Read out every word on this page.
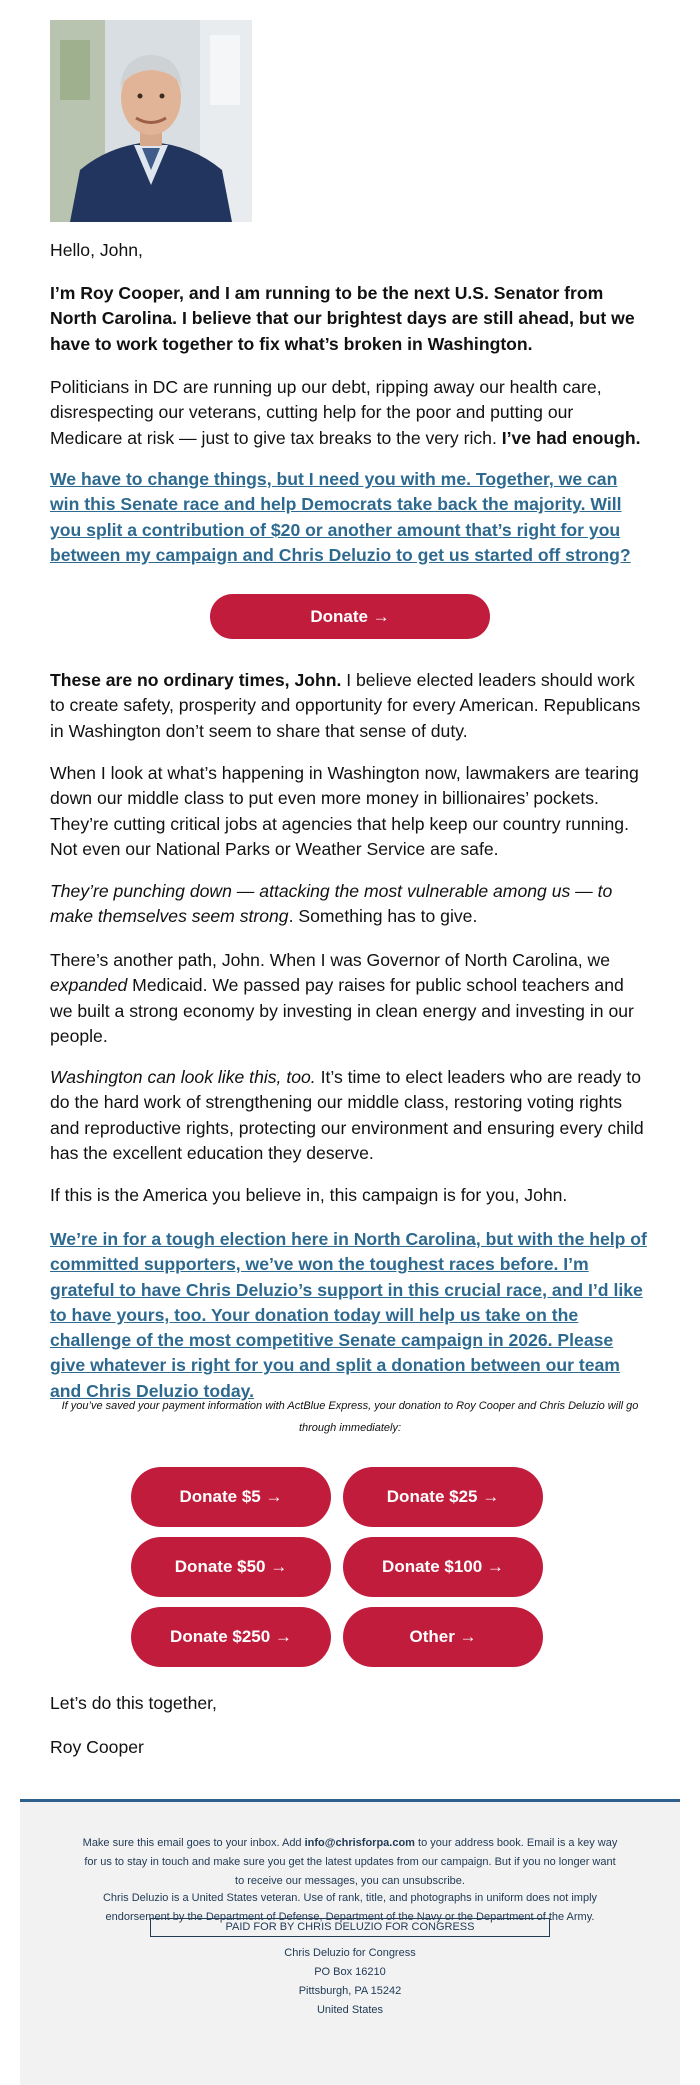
Hello, John,
I’m Roy Cooper, and I am running to be the next U.S. Senator from North Carolina. I believe that our brightest days are still ahead, but we have to work together to fix what’s broken in Washington.
Politicians in DC are running up our debt, ripping away our health care, disrespecting our veterans, cutting help for the poor and putting our Medicare at risk — just to give tax breaks to the very rich. I’ve had enough.
We have to change things, but I need you with me. Together, we can win this Senate race and help Democrats take back the majority. Will you split a contribution of $20 or another amount that’s right for you between my campaign and Chris Deluzio to get us started off strong?
Donate →
These are no ordinary times, John. I believe elected leaders should work to create safety, prosperity and opportunity for every American. Republicans in Washington don’t seem to share that sense of duty.
When I look at what’s happening in Washington now, lawmakers are tearing down our middle class to put even more money in billionaires’ pockets. They’re cutting critical jobs at agencies that help keep our country running. Not even our National Parks or Weather Service are safe.
They’re punching down — attacking the most vulnerable among us — to make themselves seem strong. Something has to give.
There’s another path, John. When I was Governor of North Carolina, we expanded Medicaid. We passed pay raises for public school teachers and we built a strong economy by investing in clean energy and investing in our people.
Washington can look like this, too. It’s time to elect leaders who are ready to do the hard work of strengthening our middle class, restoring voting rights and reproductive rights, protecting our environment and ensuring every child has the excellent education they deserve.
If this is the America you believe in, this campaign is for you, John.
We’re in for a tough election here in North Carolina, but with the help of committed supporters, we’ve won the toughest races before. I’m grateful to have Chris Deluzio’s support in this crucial race, and I’d like to have yours, too. Your donation today will help us take on the challenge of the most competitive Senate campaign in 2026. Please give whatever is right for you and split a donation between our team and Chris Deluzio today.
If you’ve saved your payment information with ActBlue Express, your donation to Roy Cooper and Chris Deluzio will go through immediately:
Donate $5 →	Donate $25 →
Donate $50 →	Donate $100 →
Donate $250 →	Other →
Let’s do this together,
Roy Cooper
Make sure this email goes to your inbox. Add info@chrisforpa.com to your address book. Email is a key way for us to stay in touch and make sure you get the latest updates from our campaign. But if you no longer want to receive our messages, you can unsubscribe.
Chris Deluzio is a United States veteran. Use of rank, title, and photographs in uniform does not imply endorsement by the Department of Defense, Department of the Navy or the Department of the Army.
PAID FOR BY CHRIS DELUZIO FOR CONGRESS
Chris Deluzio for Congress
PO Box 16210
Pittsburgh, PA 15242
United States
